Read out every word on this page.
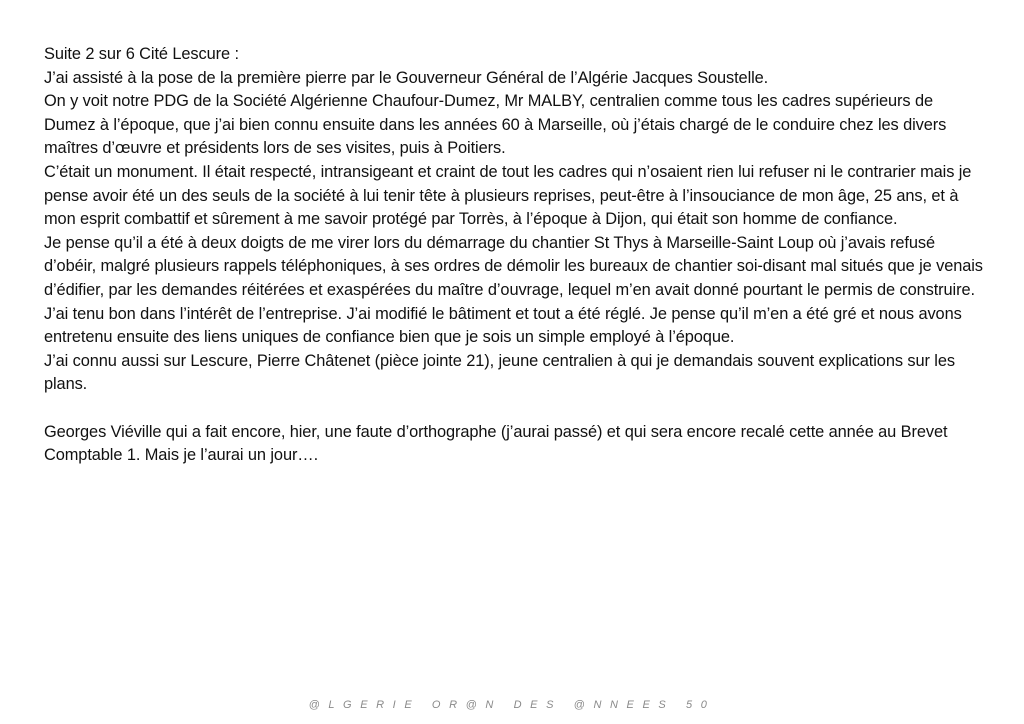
Suite 2 sur 6 Cité Lescure :

J’ai assisté à la pose de la première pierre par le Gouverneur Général de l’Algérie Jacques Soustelle.

On y voit notre PDG de la Société Algérienne Chaufour-Dumez, Mr MALBY, centralien comme tous les cadres supérieurs de Dumez à l’époque, que j’ai bien connu ensuite dans les années 60 à Marseille, où j’étais chargé de le conduire chez les divers maîtres d’œuvre et présidents lors de ses visites, puis à Poitiers.

C’était un monument. Il était respecté, intransigeant et craint de tout les cadres qui n’osaient rien lui refuser ni le contrarier mais je pense avoir été un des seuls de la société à lui tenir tête à plusieurs reprises, peut-être à l’insouciance de mon âge, 25 ans, et à mon esprit combattif et sûrement à me savoir protégé par Torrès, à l’époque à Dijon, qui était son homme de confiance.

Je pense qu’il a été à deux doigts de me virer lors du démarrage du chantier St Thys à Marseille-Saint Loup où j’avais refusé d’obéir, malgré plusieurs rappels téléphoniques, à ses ordres de démolir les bureaux de chantier soi-disant mal situés que je venais d’édifier, par les demandes réitérées et exaspérées du maître d’ouvrage, lequel m’en avait donné pourtant le permis de construire. J’ai tenu bon dans l’intérêt de l’entreprise. J’ai modifié le bâtiment et tout a été réglé. Je pense qu’il m’en a été gré et nous avons entretenu ensuite des liens uniques de confiance bien que je sois un simple employé à l’époque.

J’ai connu aussi sur Lescure, Pierre Châtenet (pièce jointe 21), jeune centralien à qui je demandais souvent explications sur les plans.

Georges Viéville qui a fait encore, hier, une faute d’orthographe (j’aurai passé) et qui sera encore recalé cette année au Brevet Comptable 1. Mais je l’aurai un jour….

@LGERIE OR@N DES @NNEES 50
